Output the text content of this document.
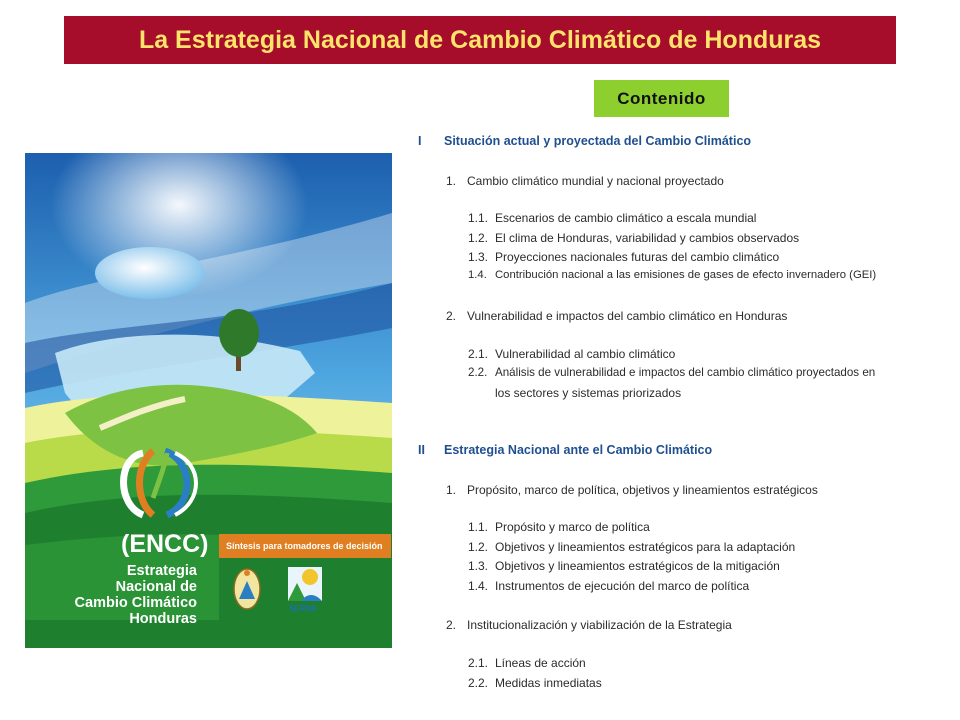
La Estrategia Nacional de Cambio Climático de Honduras
Contenido
(ENCC)
Estrategia
Nacional de
Cambio Climático
Honduras
Síntesis para tomadores de decisión
SERNA
I Situación actual y proyectada del Cambio Climático
1. Cambio climático mundial y nacional proyectado
1.1. Escenarios de cambio climático a escala mundial
1.2. El clima de Honduras, variabilidad y cambios observados
1.3. Proyecciones nacionales futuras del cambio climático
1.4. Contribución nacional a las emisiones de gases de efecto invernadero (GEI)
2. Vulnerabilidad e impactos del cambio climático en Honduras
2.1. Vulnerabilidad al cambio climático
2.2. Análisis de vulnerabilidad e impactos del cambio climático proyectados en
los sectores y sistemas priorizados
II Estrategia Nacional ante el Cambio Climático
1. Propósito, marco de política, objetivos y lineamientos estratégicos
1.1. Propósito y marco de política
1.2. Objetivos y lineamientos estratégicos para la adaptación
1.3. Objetivos y lineamientos estratégicos de la mitigación
1.4. Instrumentos de ejecución del marco de política
2. Institucionalización y viabilización de la Estrategia
2.1. Líneas de acción
2.2. Medidas inmediatas
